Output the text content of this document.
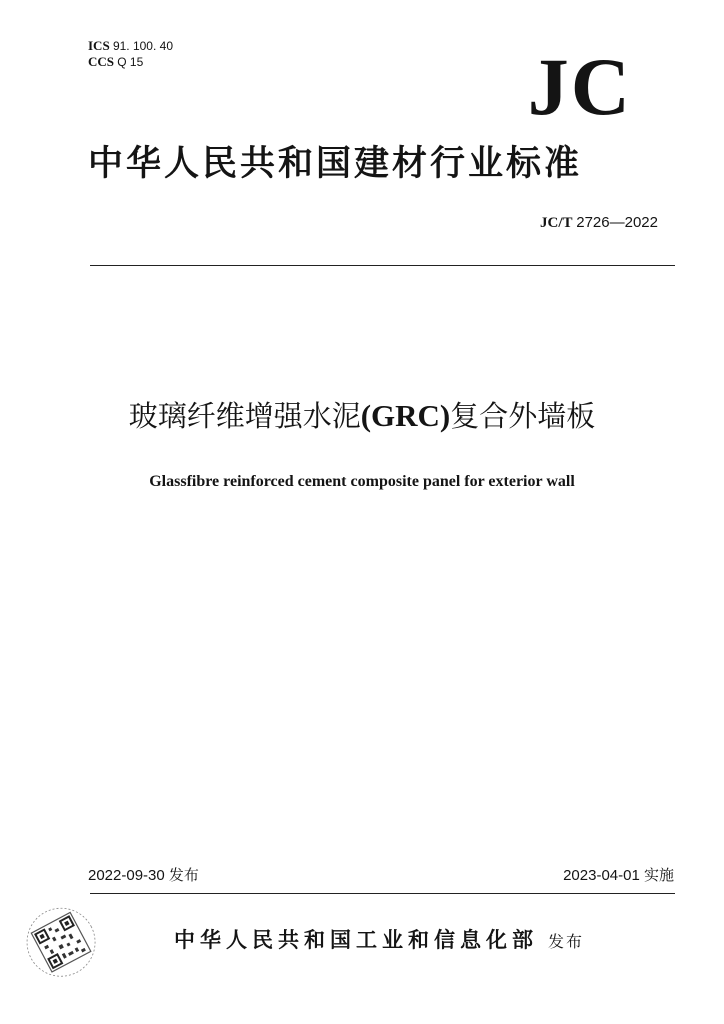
ICS 91. 100. 40
CCS Q 15	JC
中华人民共和国建材行业标准
JC/T 2726—2022
玻璃纤维增强水泥(GRC)复合外墙板
Glassfibre reinforced cement composite panel for exterior wall
2022-09-30 发布	2023-04-01 实施
中华人民共和国工业和信息化部 发布
